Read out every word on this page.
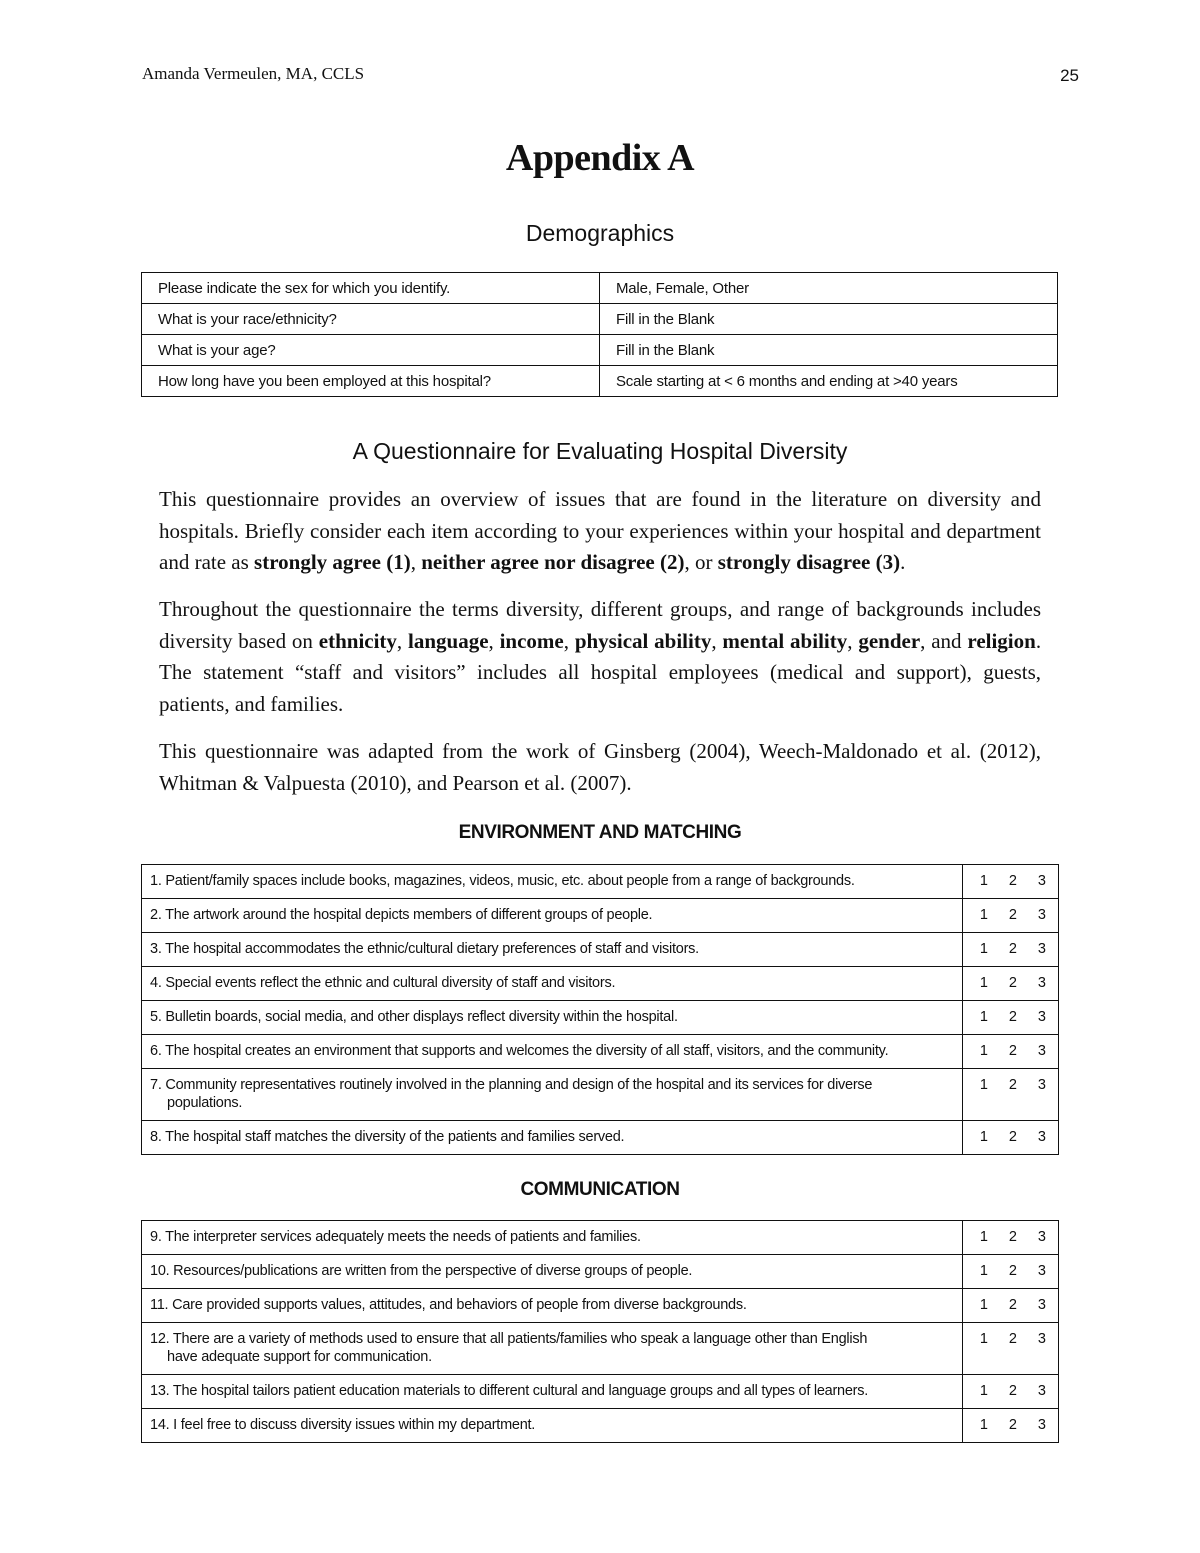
Amanda Vermeulen, MA, CCLS	25
Appendix A
Demographics
Please indicate the sex for which you identify.	Male, Female, Other
What is your race/ethnicity?	Fill in the Blank
What is your age?	Fill in the Blank
How long have you been employed at this hospital?	Scale starting at < 6 months and ending at >40 years
A Questionnaire for Evaluating Hospital Diversity
This questionnaire provides an overview of issues that are found in the literature on diversity and hospitals. Briefly consider each item according to your experiences within your hospital and department and rate as strongly agree (1), neither agree nor disagree (2), or strongly disagree (3).
Throughout the questionnaire the terms diversity, different groups, and range of backgrounds includes diversity based on ethnicity, language, income, physical ability, mental ability, gender, and religion. The statement “staff and visitors” includes all hospital employees (medical and support), guests, patients, and families.
This questionnaire was adapted from the work of Ginsberg (2004), Weech-Maldonado et al. (2012), Whitman & Valpuesta (2010), and Pearson et al. (2007).
ENVIRONMENT AND MATCHING
1. Patient/family spaces include books, magazines, videos, music, etc. about people from a range of backgrounds.	1 2 3

2. The artwork around the hospital depicts members of different groups of people.	1 2 3

3. The hospital accommodates the ethnic/cultural dietary preferences of staff and visitors.	1 2 3

4. Special events reflect the ethnic and cultural diversity of staff and visitors.	1 2 3

5. Bulletin boards, social media, and other displays reflect diversity within the hospital.	1 2 3

6. The hospital creates an environment that supports and welcomes the diversity of all staff, visitors, and the community.	1 2 3

7. Community representatives routinely involved in the planning and design of the hospital and its services for diverse
populations.	1 2 3

8. The hospital staff matches the diversity of the patients and families served.	1 2 3
COMMUNICATION
9. The interpreter services adequately meets the needs of patients and families.	1 2 3

10. Resources/publications are written from the perspective of diverse groups of people.	1 2 3

11. Care provided supports values, attitudes, and behaviors of people from diverse backgrounds.	1 2 3

12. There are a variety of methods used to ensure that all patients/families who speak a language other than English
have adequate support for communication.	1 2 3

13. The hospital tailors patient education materials to different cultural and language groups and all types of learners.	1 2 3

14. I feel free to discuss diversity issues within my department.	1 2 3
